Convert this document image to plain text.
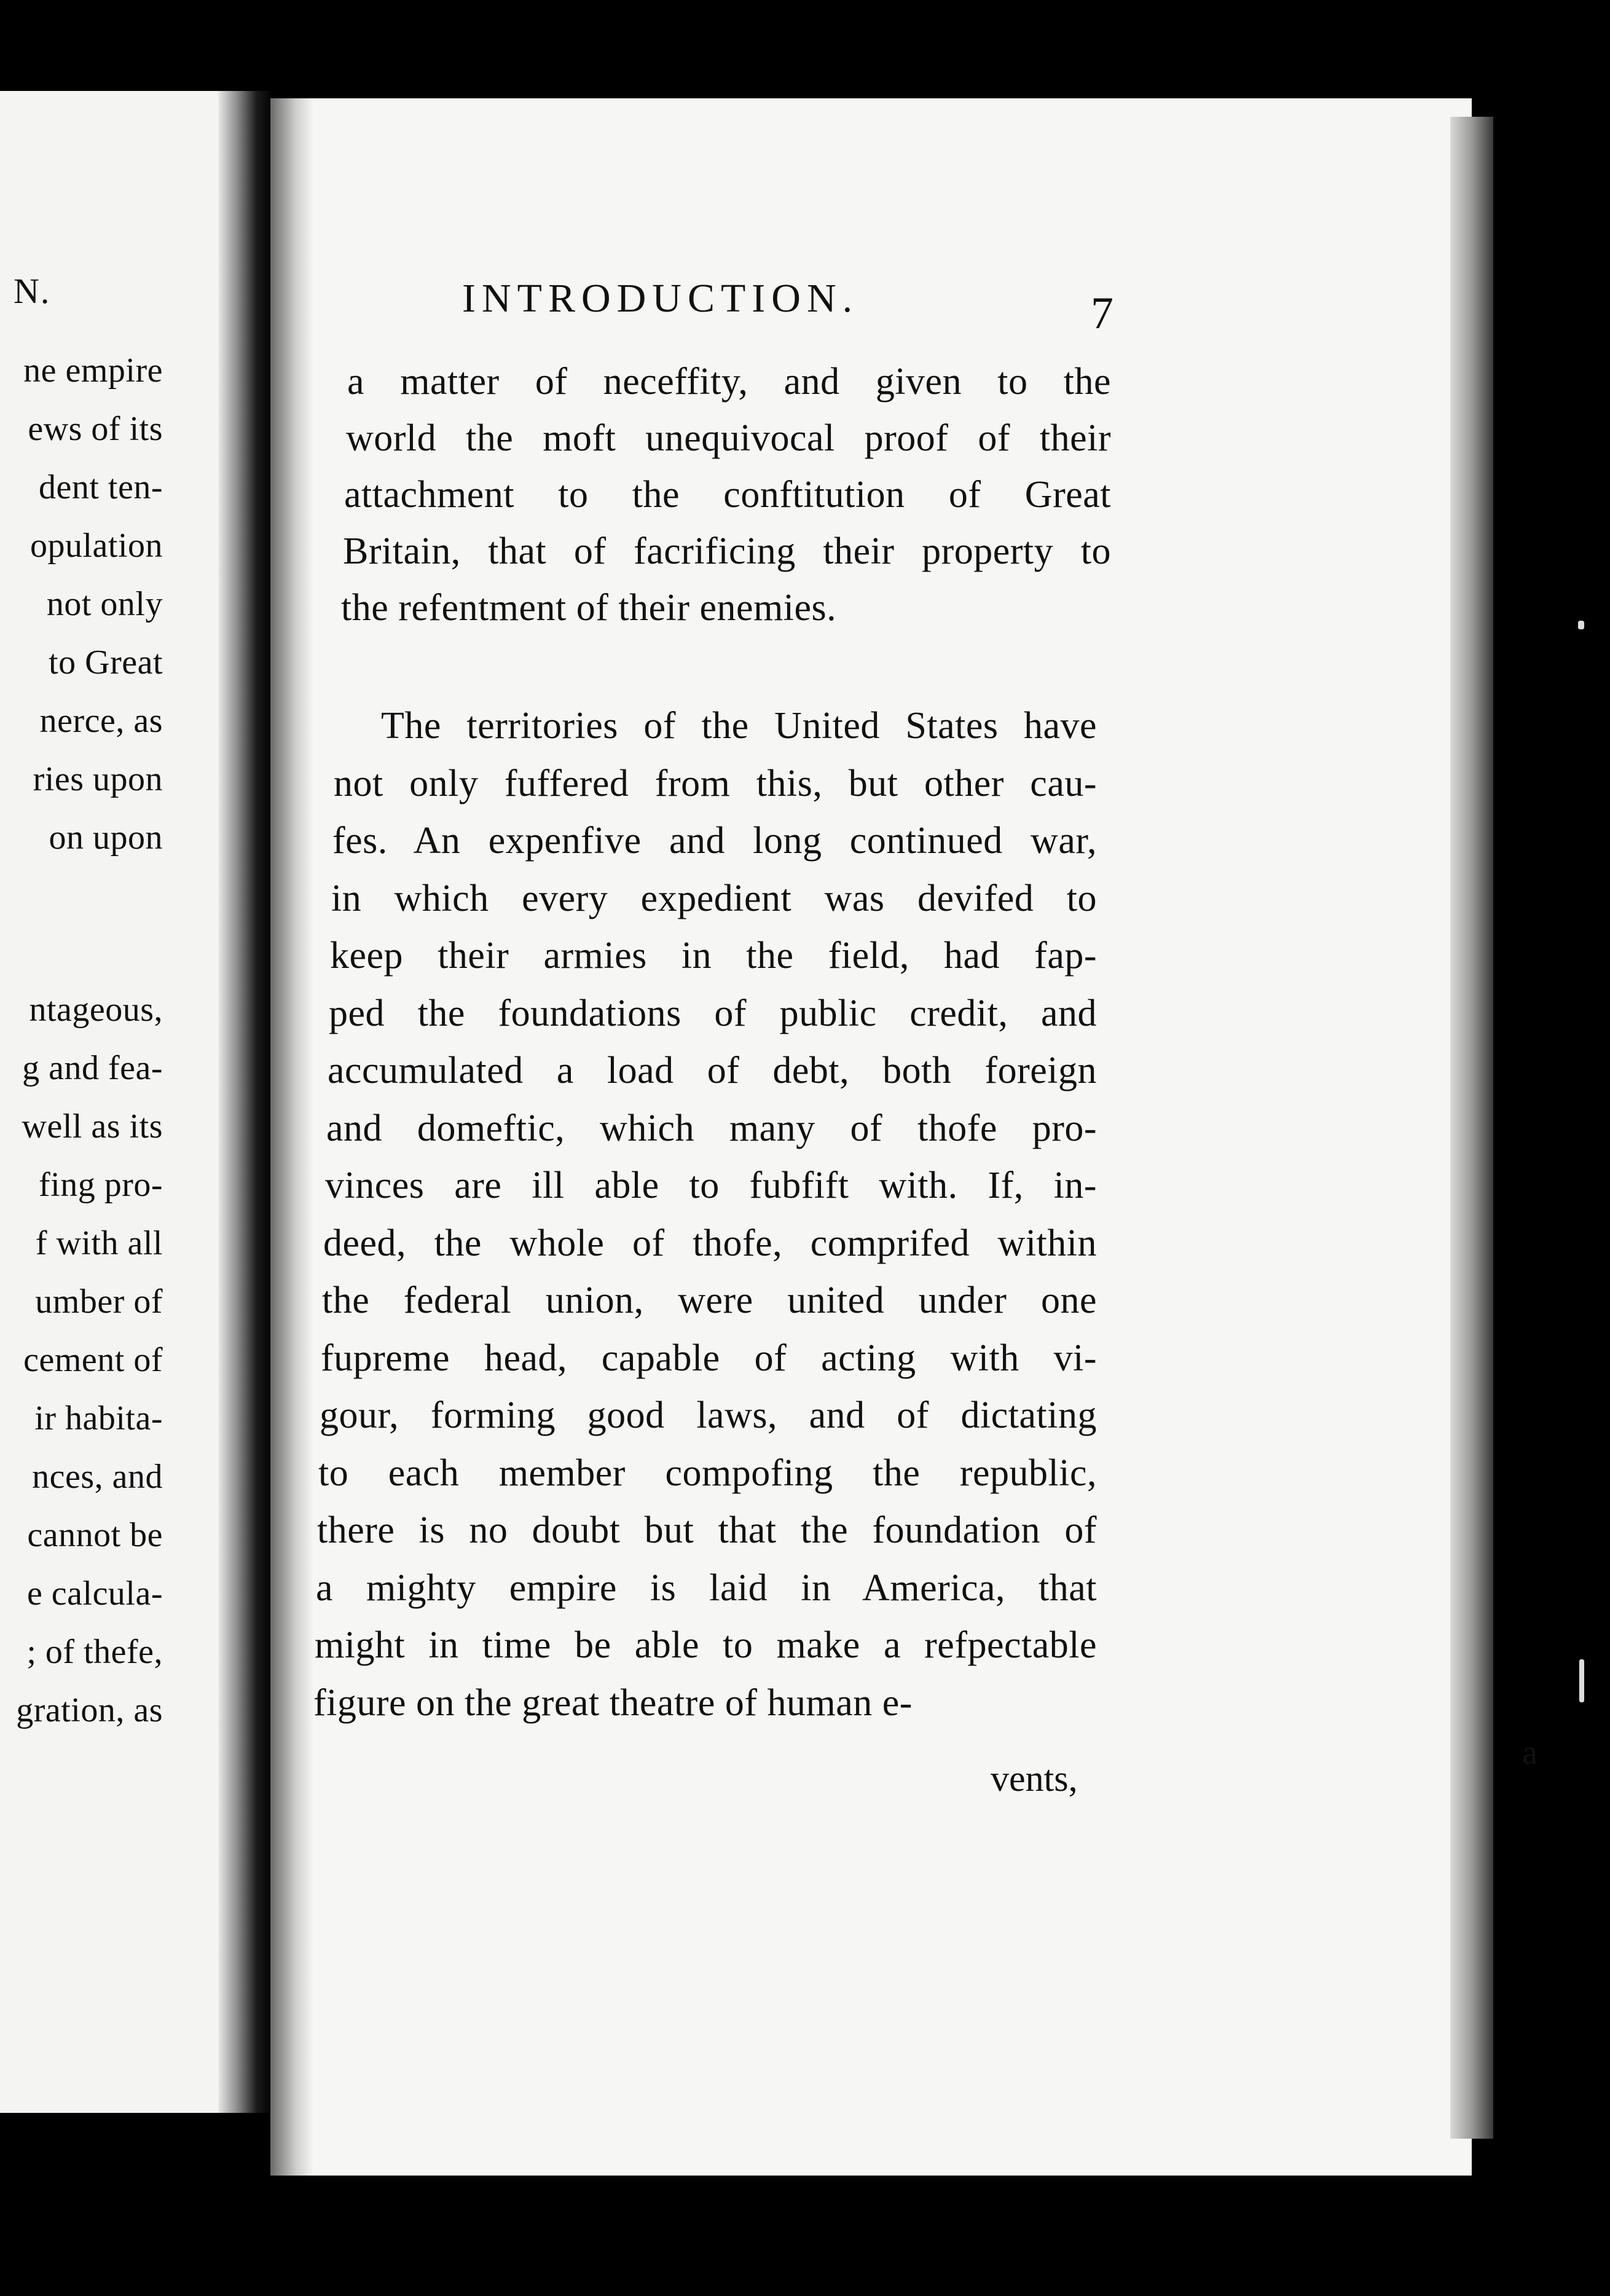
N.
ne empire
ews of its
dent ten-
opulation
not only
to Great
nerce, as
ries upon
on upon
ntageous,
g and fea-
well as its
fing pro-
f with all
umber of
cement of
ir habita-
nces, and
cannot be
e calcula-
; of thefe,
gration, as
a
INTRODUCTION.	7
a matter of neceffity, and given to the
world the moft unequivocal proof of their
attachment to the conftitution of Great
Britain, that of facrificing their property to
the refentment of their enemies.
The territories of the United States have
not only fuffered from this, but other cau-
fes. An expenfive and long continued war,
in which every expedient was devifed to
keep their armies in the field, had fap-
ped the foundations of public credit, and
accumulated a load of debt, both foreign
and domeftic, which many of thofe pro-
vinces are ill able to fubfift with. If, in-
deed, the whole of thofe, comprifed within
the federal union, were united under one
fupreme head, capable of acting with vi-
gour, forming good laws, and of dictating
to each member compofing the republic,
there is no doubt but that the foundation of
a mighty empire is laid in America, that
might in time be able to make a refpectable
figure on the great theatre of human e-
vents,
